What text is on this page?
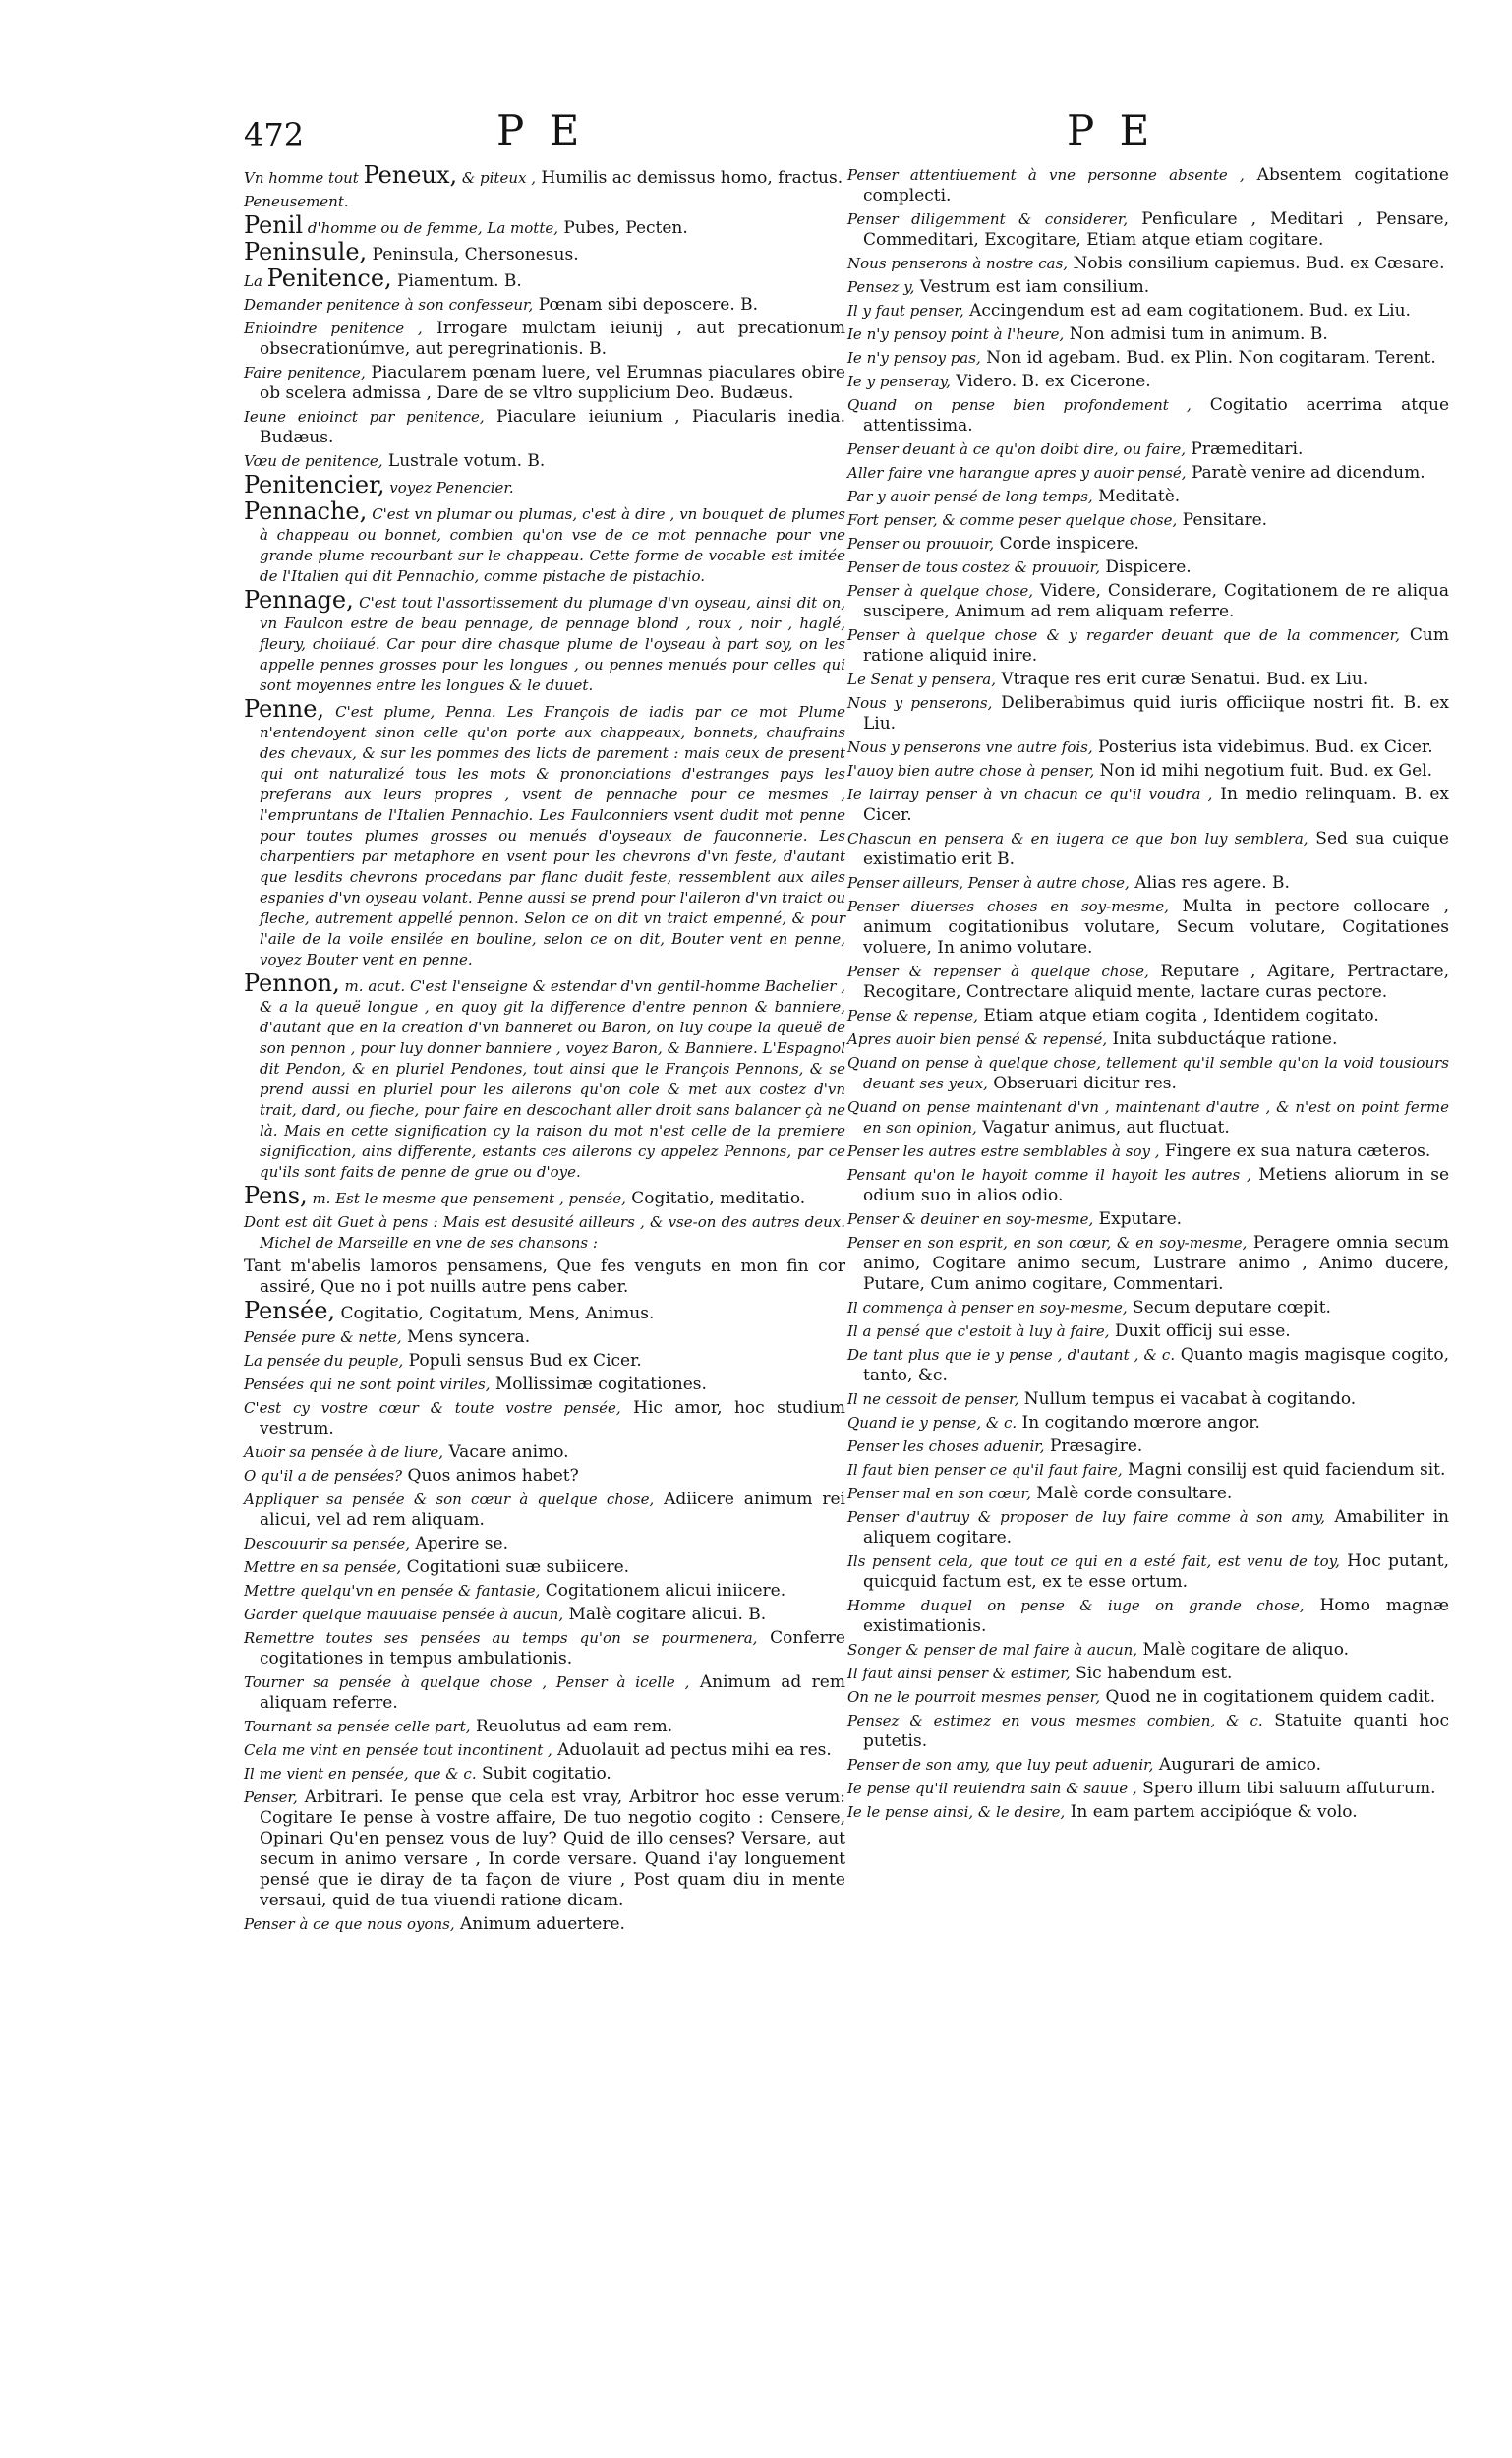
472	P E	P E

Vn homme tout Peneux, & piteux , Humilis ac demissus homo, fractus.

Peneusement.

Penil d'homme ou de femme, La motte, Pubes, Pecten.

Peninsule, Peninsula, Chersonesus.

La Penitence, Piamentum. B.

Demander penitence à son confesseur, Pœnam sibi deposcere. B.

Enioindre penitence , Irrogare mulctam ieiunij , aut precationum obsecrationúmve, aut peregrinationis. B.

Faire penitence, Piacularem pœnam luere, vel Erumnas piaculares obire ob scelera admissa , Dare de se vltro supplicium Deo. Budæus.

Ieune enioinct par penitence, Piaculare ieiunium , Piacularis inedia. Budæus.

Vœu de penitence, Lustrale votum. B.

Penitencier, voyez Penencier.

Pennache, C'est vn plumar ou plumas, c'est à dire , vn bouquet de plumes à chappeau ou bonnet, combien qu'on vse de ce mot pennache pour vne grande plume recourbant sur le chappeau. Cette forme de vocable est imitée de l'Italien qui dit Pennachio, comme pistache de pistachio.

Pennage, C'est tout l'assortissement du plumage d'vn oyseau, ainsi dit on, vn Faulcon estre de beau pennage, de pennage blond , roux , noir , haglé, fleury, choiiaué. Car pour dire chasque plume de l'oyseau à part soy, on les appelle pennes grosses pour les longues , ou pennes menués pour celles qui sont moyennes entre les longues & le duuet.

Penne, C'est plume, Penna. Les François de iadis par ce mot Plume n'entendoyent sinon celle qu'on porte aux chappeaux, bonnets, chaufrains des chevaux, & sur les pommes des licts de parement : mais ceux de present qui ont naturalizé tous les mots & prononciations d'estranges pays les preferans aux leurs propres , vsent de pennache pour ce mesmes , l'empruntans de l'Italien Pennachio. Les Faulconniers vsent dudit mot penne pour toutes plumes grosses ou menués d'oyseaux de fauconnerie. Les charpentiers par metaphore en vsent pour les chevrons d'vn feste, d'autant que lesdits chevrons procedans par flanc dudit feste, ressemblent aux ailes espanies d'vn oyseau volant. Penne aussi se prend pour l'aileron d'vn traict ou fleche, autrement appellé pennon. Selon ce on dit vn traict empenné, & pour l'aile de la voile ensilée en bouline, selon ce on dit, Bouter vent en penne, voyez Bouter vent en penne.

Pennon, m. acut. C'est l'enseigne & estendar d'vn gentil-homme Bachelier , & a la queuë longue , en quoy git la difference d'entre pennon & banniere, d'autant que en la creation d'vn banneret ou Baron, on luy coupe la queuë de son pennon , pour luy donner banniere , voyez Baron, & Banniere. L'Espagnol dit Pendon, & en pluriel Pendones, tout ainsi que le François Pennons, & se prend aussi en pluriel pour les ailerons qu'on cole & met aux costez d'vn trait, dard, ou fleche, pour faire en descochant aller droit sans balancer çà ne là. Mais en cette signification cy la raison du mot n'est celle de la premiere signification, ains differente, estants ces ailerons cy appelez Pennons, par ce qu'ils sont faits de penne de grue ou d'oye.

Pens, m. Est le mesme que pensement , pensée, Cogitatio, meditatio.

Dont est dit Guet à pens : Mais est desusité ailleurs , & vse-on des autres deux. Michel de Marseille en vne de ses chansons :

Tant m'abelis lamoros pensamens, Que fes venguts en mon fin cor assiré, Que no i pot nuills autre pens caber.

Pensée, Cogitatio, Cogitatum, Mens, Animus.

Pensée pure & nette, Mens syncera.

La pensée du peuple, Populi sensus Bud ex Cicer.

Pensées qui ne sont point viriles, Mollissimæ cogitationes.

C'est cy vostre cœur & toute vostre pensée, Hic amor, hoc studium vestrum.

Auoir sa pensée à de liure, Vacare animo.

O qu'il a de pensées? Quos animos habet?

Appliquer sa pensée & son cœur à quelque chose, Adiicere animum rei alicui, vel ad rem aliquam.

Descouurir sa pensée, Aperire se.

Mettre en sa pensée, Cogitationi suæ subiicere.

Mettre quelqu'vn en pensée & fantasie, Cogitationem alicui iniicere.

Garder quelque mauuaise pensée à aucun, Malè cogitare alicui. B.

Remettre toutes ses pensées au temps qu'on se pourmenera, Conferre cogitationes in tempus ambulationis.

Tourner sa pensée à quelque chose , Penser à icelle , Animum ad rem aliquam referre.

Tournant sa pensée celle part, Reuolutus ad eam rem.

Cela me vint en pensée tout incontinent , Aduolauit ad pectus mihi ea res.

Il me vient en pensée, que & c. Subit cogitatio.

Penser, Arbitrari. Ie pense que cela est vray, Arbitror hoc esse verum: Cogitare Ie pense à vostre affaire, De tuo negotio cogito : Censere, Opinari Qu'en pensez vous de luy? Quid de illo censes? Versare, aut secum in animo versare , In corde versare. Quand i'ay longuement pensé que ie diray de ta façon de viure , Post quam diu in mente versaui, quid de tua viuendi ratione dicam.

Penser à ce que nous oyons, Animum aduertere.

Penser attentiuement à vne personne absente , Absentem cogitatione complecti.

Penser diligemment & considerer, Penficulare , Meditari , Pensare, Commeditari, Excogitare, Etiam atque etiam cogitare.

Nous penserons à nostre cas, Nobis consilium capiemus. Bud. ex Cæsare.

Pensez y, Vestrum est iam consilium.

Il y faut penser, Accingendum est ad eam cogitationem. Bud. ex Liu.

Ie n'y pensoy point à l'heure, Non admisi tum in animum. B.

Ie n'y pensoy pas, Non id agebam. Bud. ex Plin. Non cogitaram. Terent.

Ie y penseray, Videro. B. ex Cicerone.

Quand on pense bien profondement , Cogitatio acerrima atque attentissima.

Penser deuant à ce qu'on doibt dire, ou faire, Præmeditari.

Aller faire vne harangue apres y auoir pensé, Paratè venire ad dicendum.

Par y auoir pensé de long temps, Meditatè.

Fort penser, & comme peser quelque chose, Pensitare.

Penser ou prouuoir, Corde inspicere.

Penser de tous costez & prouuoir, Dispicere.

Penser à quelque chose, Videre, Considerare, Cogitationem de re aliqua suscipere, Animum ad rem aliquam referre.

Penser à quelque chose & y regarder deuant que de la commencer, Cum ratione aliquid inire.

Le Senat y pensera, Vtraque res erit curæ Senatui. Bud. ex Liu.

Nous y penserons, Deliberabimus quid iuris officiique nostri fit. B. ex Liu.

Nous y penserons vne autre fois, Posterius ista videbimus. Bud. ex Cicer.

I'auoy bien autre chose à penser, Non id mihi negotium fuit. Bud. ex Gel.

Ie lairray penser à vn chacun ce qu'il voudra , In medio relinquam. B. ex Cicer.

Chascun en pensera & en iugera ce que bon luy semblera, Sed sua cuique existimatio erit B.

Penser ailleurs, Penser à autre chose, Alias res agere. B.

Penser diuerses choses en soy-mesme, Multa in pectore collocare , animum cogitationibus volutare, Secum volutare, Cogitationes voluere, In animo volutare.

Penser & repenser à quelque chose, Reputare , Agitare, Pertractare, Recogitare, Contrectare aliquid mente, lactare curas pectore.

Pense & repense, Etiam atque etiam cogita , Identidem cogitato.

Apres auoir bien pensé & repensé, Inita subductáque ratione.

Quand on pense à quelque chose, tellement qu'il semble qu'on la void tousiours deuant ses yeux, Obseruari dicitur res.

Quand on pense maintenant d'vn , maintenant d'autre , & n'est on point ferme en son opinion, Vagatur animus, aut fluctuat.

Penser les autres estre semblables à soy , Fingere ex sua natura cæteros.

Pensant qu'on le hayoit comme il hayoit les autres , Metiens aliorum in se odium suo in alios odio.

Penser & deuiner en soy-mesme, Exputare.

Penser en son esprit, en son cœur, & en soy-mesme, Peragere omnia secum animo, Cogitare animo secum, Lustrare animo , Animo ducere, Putare, Cum animo cogitare, Commentari.

Il commença à penser en soy-mesme, Secum deputare cœpit.

Il a pensé que c'estoit à luy à faire, Duxit officij sui esse.

De tant plus que ie y pense , d'autant , & c. Quanto magis magisque cogito, tanto, &c.

Il ne cessoit de penser, Nullum tempus ei vacabat à cogitando.

Quand ie y pense, & c. In cogitando mœrore angor.

Penser les choses aduenir, Præsagire.

Il faut bien penser ce qu'il faut faire, Magni consilij est quid faciendum sit.

Penser mal en son cœur, Malè corde consultare.

Penser d'autruy & proposer de luy faire comme à son amy, Amabiliter in aliquem cogitare.

Ils pensent cela, que tout ce qui en a esté fait, est venu de toy, Hoc putant, quicquid factum est, ex te esse ortum.

Homme duquel on pense & iuge on grande chose, Homo magnæ existimationis.

Songer & penser de mal faire à aucun, Malè cogitare de aliquo.

Il faut ainsi penser & estimer, Sic habendum est.

On ne le pourroit mesmes penser, Quod ne in cogitationem quidem cadit.

Pensez & estimez en vous mesmes combien, & c. Statuite quanti hoc putetis.

Penser de son amy, que luy peut aduenir, Augurari de amico.

Ie pense qu'il reuiendra sain & sauue , Spero illum tibi saluum affuturum.

Ie le pense ainsi, & le desire, In eam partem accipióque & volo.
